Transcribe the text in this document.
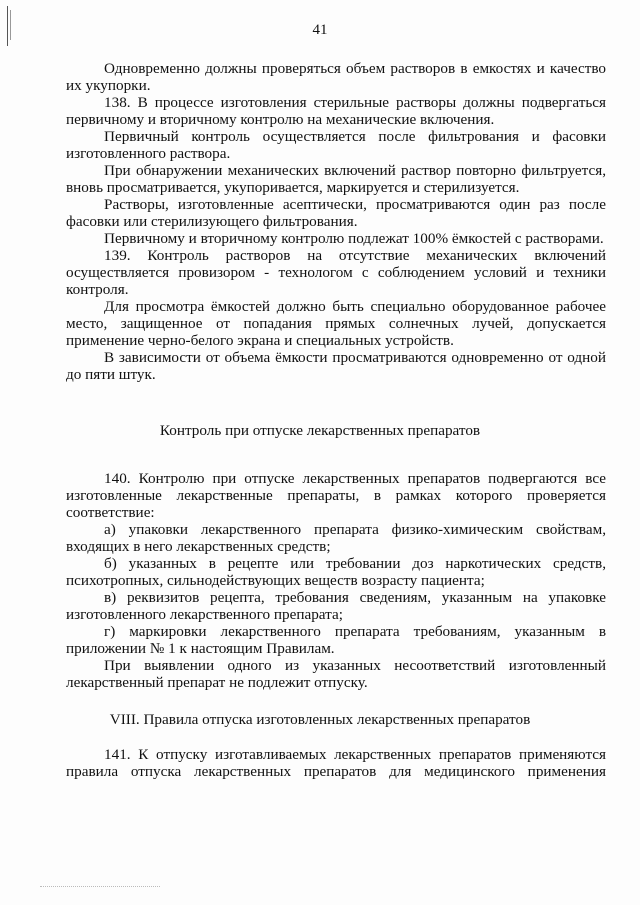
41

Одновременно должны проверяться объем растворов в емкостях и качество их укупорки.

138. В процессе изготовления стерильные растворы должны подвергаться первичному и вторичному контролю на механические включения.

Первичный контроль осуществляется после фильтрования и фасовки изготовленного раствора.

При обнаружении механических включений раствор повторно фильтруется, вновь просматривается, укупоривается, маркируется и стерилизуется.

Растворы, изготовленные асептически, просматриваются один раз после фасовки или стерилизующего фильтрования.

Первичному и вторичному контролю подлежат 100% ёмкостей с растворами.

139. Контроль растворов на отсутствие механических включений осуществляется провизором - технологом с соблюдением условий и техники контроля.

Для просмотра ёмкостей должно быть специально оборудованное рабочее место, защищенное от попадания прямых солнечных лучей, допускается применение черно-белого экрана и специальных устройств.

В зависимости от объема ёмкости просматриваются одновременно от одной до пяти штук.

Контроль при отпуске лекарственных препаратов

140. Контролю при отпуске лекарственных препаратов подвергаются все изготовленные лекарственные препараты, в рамках которого проверяется соответствие:

а) упаковки лекарственного препарата физико-химическим свойствам, входящих в него лекарственных средств;

б) указанных в рецепте или требовании доз наркотических средств, психотропных, сильнодействующих веществ возрасту пациента;

в) реквизитов рецепта, требования сведениям, указанным на упаковке изготовленного лекарственного препарата;

г) маркировки лекарственного препарата требованиям, указанным в приложении № 1 к настоящим Правилам.

При выявлении одного из указанных несоответствий изготовленный лекарственный препарат не подлежит отпуску.

VIII. Правила отпуска изготовленных лекарственных препаратов

141. К отпуску изготавливаемых лекарственных препаратов применяются правила отпуска лекарственных препаратов для медицинского применения
